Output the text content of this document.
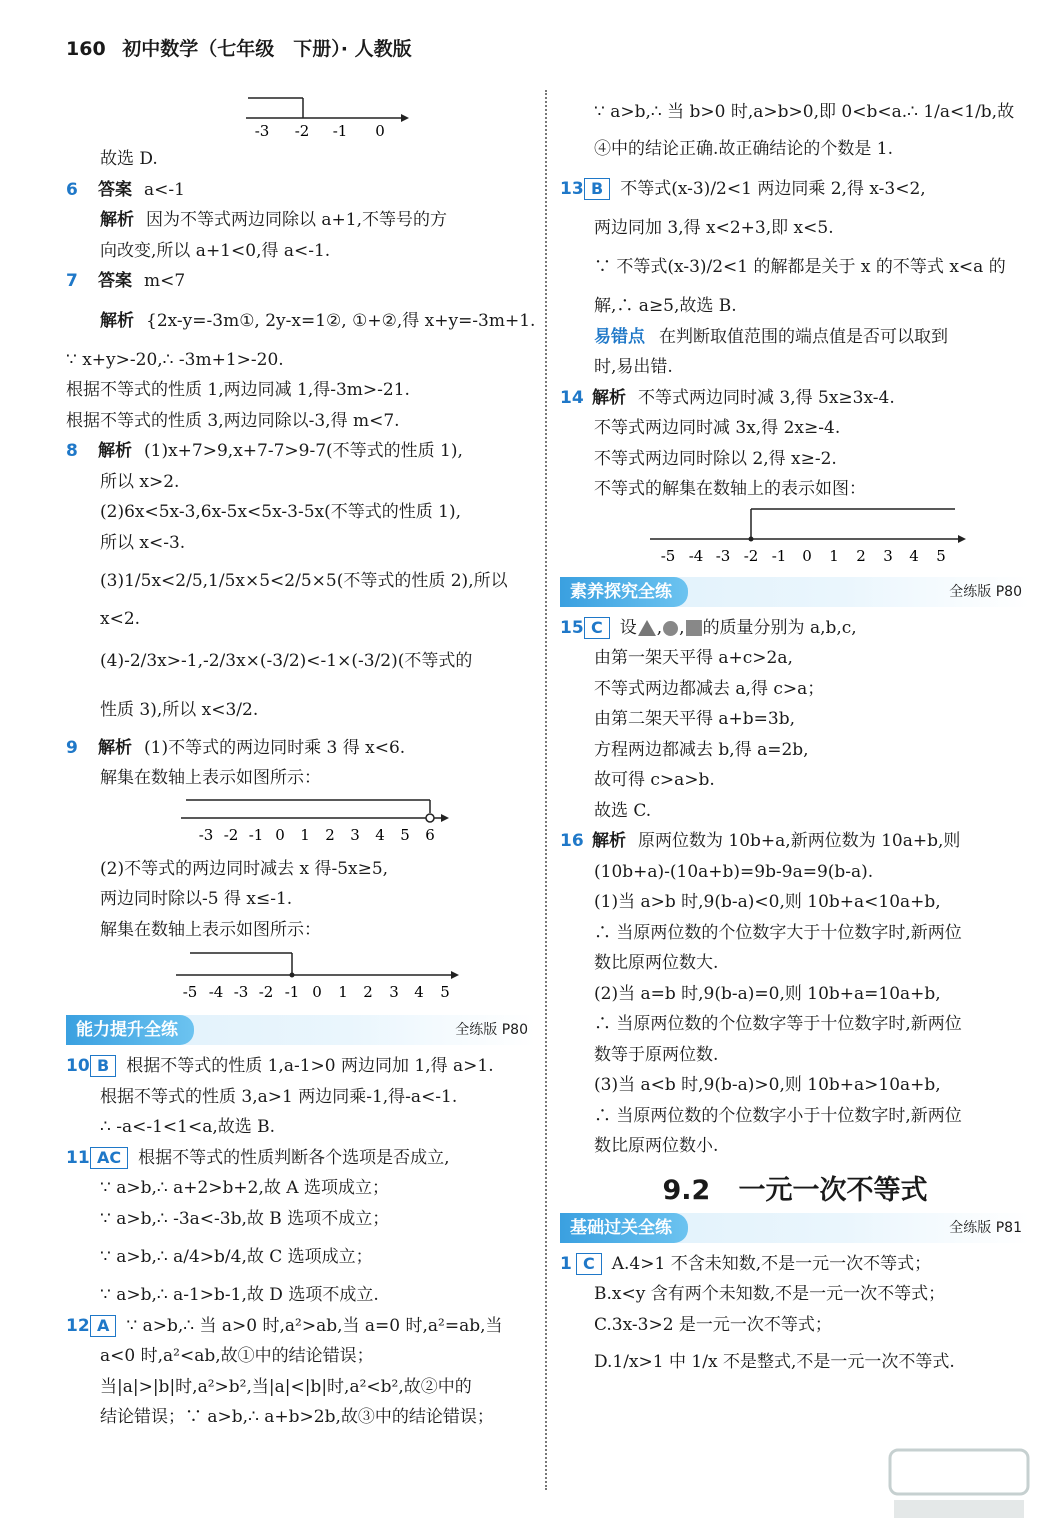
160 初中数学（七年级　下册）· 人教版
-3 -2 -1 0
故选 D.
6 答案 a<-1
解析 因为不等式两边同除以 a+1,不等号的方
向改变,所以 a+1<0,得 a<-1.
7 答案 m<7
解析 {2x-y=-3m①, 2y-x=1②, ①+②,得 x+y=-3m+1.
∵ x+y>-20,∴ -3m+1>-20.
根据不等式的性质 1,两边同减 1,得-3m>-21.
根据不等式的性质 3,两边同除以-3,得 m<7.
8 解析 (1)x+7>9,x+7-7>9-7(不等式的性质 1),
所以 x>2.
(2)6x<5x-3,6x-5x<5x-3-5x(不等式的性质 1),
所以 x<-3.
(3)1/5x<2/5,1/5x×5<2/5×5(不等式的性质 2),所以
x<2.
(4)-2/3x>-1,-2/3x×(-3/2)<-1×(-3/2)(不等式的
性质 3),所以 x<3/2.
9 解析 (1)不等式的两边同时乘 3 得 x<6.
解集在数轴上表示如图所示：
-3 -2 -1 0 1 2 3 4 5 6
(2)不等式的两边同时减去 x 得-5x≥5,
两边同时除以-5 得 x≤-1.
解集在数轴上表示如图所示：
-5 -4 -3 -2 -1 0 1 2 3 4 5
能力提升全练	全练版 P80
10 B 根据不等式的性质 1,a-1>0 两边同加 1,得 a>1.
根据不等式的性质 3,a>1 两边同乘-1,得-a<-1.
∴ -a<-1<1<a,故选 B.
11 AC 根据不等式的性质判断各个选项是否成立,
∵ a>b,∴ a+2>b+2,故 A 选项成立；
∵ a>b,∴ -3a<-3b,故 B 选项不成立；
∵ a>b,∴ a/4>b/4,故 C 选项成立；
∵ a>b,∴ a-1>b-1,故 D 选项不成立.
12 A ∵ a>b,∴ 当 a>0 时,a²>ab,当 a=0 时,a²=ab,当
a<0 时,a²<ab,故①中的结论错误；
当|a|>|b|时,a²>b²,当|a|<|b|时,a²<b²,故②中的
结论错误；∵ a>b,∴ a+b>2b,故③中的结论错误；
∵ a>b,∴ 当 b>0 时,a>b>0,即 0<b<a.∴ 1/a<1/b,故
④中的结论正确.故正确结论的个数是 1.
13 B 不等式(x-3)/2<1 两边同乘 2,得 x-3<2,
两边同加 3,得 x<2+3,即 x<5.
∵ 不等式(x-3)/2<1 的解都是关于 x 的不等式 x<a 的
解,∴ a≥5,故选 B.
易错点 在判断取值范围的端点值是否可以取到
时,易出错.
14 解析 不等式两边同时减 3,得 5x≥3x-4.
不等式两边同时减 3x,得 2x≥-4.
不等式两边同时除以 2,得 x≥-2.
不等式的解集在数轴上的表示如图：
-5 -4 -3 -2 -1 0 1 2 3 4 5
素养探究全练	全练版 P80
15 C 设 , , 的质量分别为 a,b,c,
由第一架天平得 a+c>2a,
不等式两边都减去 a,得 c>a；
由第二架天平得 a+b=3b,
方程两边都减去 b,得 a=2b,
故可得 c>a>b.
故选 C.
16 解析 原两位数为 10b+a,新两位数为 10a+b,则
(10b+a)-(10a+b)=9b-9a=9(b-a).
(1)当 a>b 时,9(b-a)<0,则 10b+a<10a+b,
∴ 当原两位数的个位数字大于十位数字时,新两位
数比原两位数大.
(2)当 a=b 时,9(b-a)=0,则 10b+a=10a+b,
∴ 当原两位数的个位数字等于十位数字时,新两位
数等于原两位数.
(3)当 a<b 时,9(b-a)>0,则 10b+a>10a+b,
∴ 当原两位数的个位数字小于十位数字时,新两位
数比原两位数小.
9.2 一元一次不等式
基础过关全练	全练版 P81
1 C A.4>1 不含未知数,不是一元一次不等式；
B.x<y 含有两个未知数,不是一元一次不等式；
C.3x-3>2 是一元一次不等式；
D.1/x>1 中 1/x 不是整式,不是一元一次不等式.
